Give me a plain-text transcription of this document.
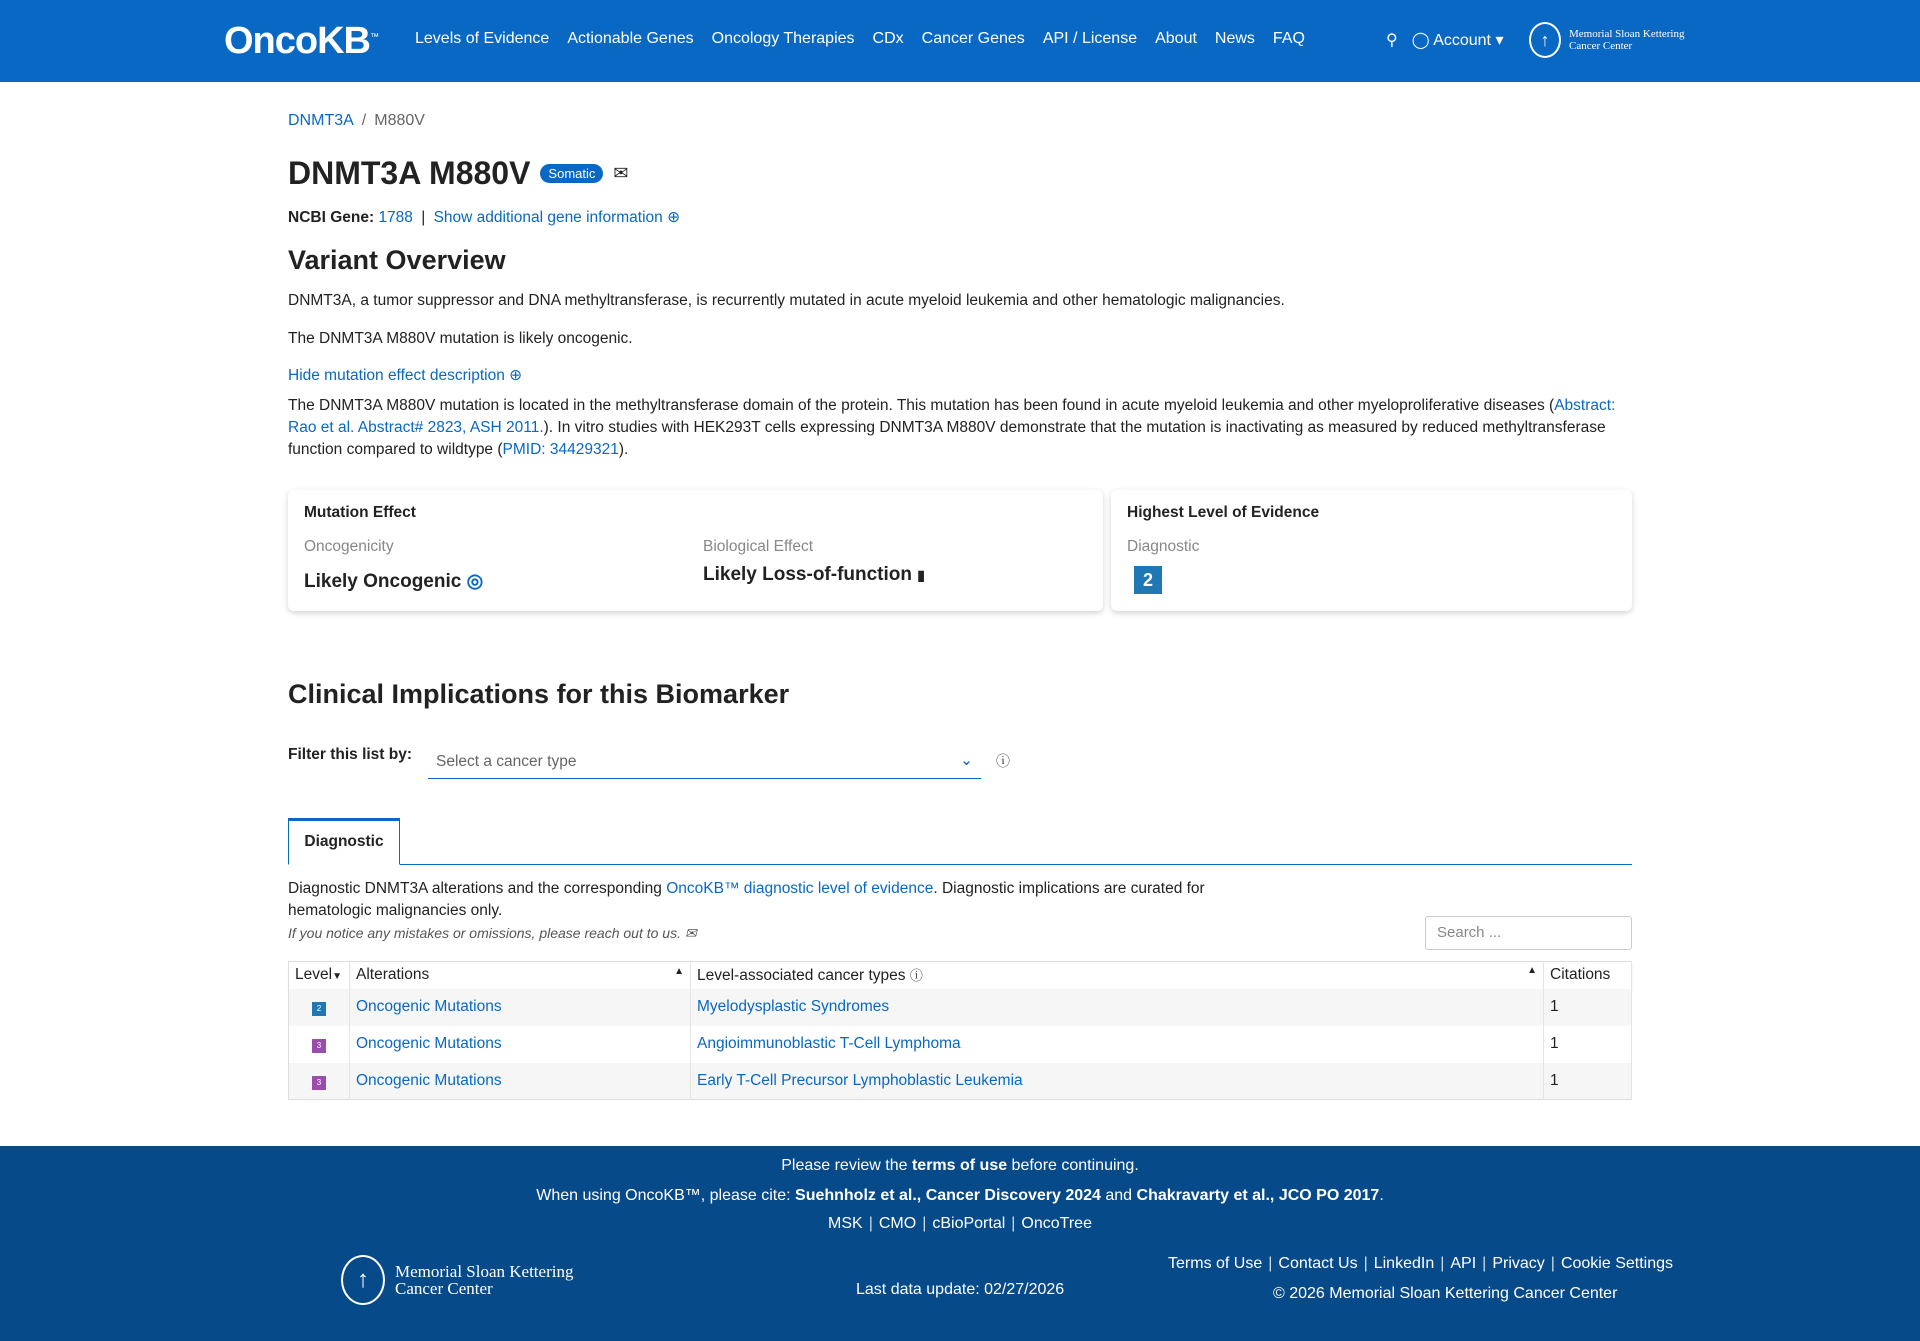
OncoKB™ Levels of Evidence Actionable Genes Oncology Therapies CDx Cancer Genes API / License About News FAQ	⚲ ◯ Account ▾	↑	Memorial Sloan Kettering
Cancer Center
DNMT3A / M880V
DNMT3A M880V	Somatic	✉
NCBI Gene: 1788 | Show additional gene information ⊕
Variant Overview
DNMT3A, a tumor suppressor and DNA methyltransferase, is recurrently mutated in acute myeloid leukemia and other hematologic malignancies.
The DNMT3A M880V mutation is likely oncogenic.
Hide mutation effect description ⊕
The DNMT3A M880V mutation is located in the methyltransferase domain of the protein. This mutation has been found in acute myeloid leukemia and other myeloproliferative diseases (Abstract: Rao et al. Abstract# 2823, ASH 2011.). In vitro studies with HEK293T cells expressing DNMT3A M880V demonstrate that the mutation is inactivating as measured by reduced methyltransferase function compared to wildtype (PMID: 34429321).
Mutation Effect
Oncogenicity
Likely Oncogenic ◎
Biological Effect
Likely Loss-of-function ▮
Highest Level of Evidence
Diagnostic
2
Clinical Implications for this Biomarker
Filter this list by:	Select a cancer type	⌄ ⓘ
Diagnostic
Diagnostic DNMT3A alterations and the corresponding OncoKB™ diagnostic level of evidence. Diagnostic implications are curated for hematologic malignancies only.
If you notice any mistakes or omissions, please reach out to us. ✉	Search ...
Level▼	Alterations ▲	Level-associated cancer types ⓘ ▲	Citations
2	Oncogenic Mutations	Myelodysplastic Syndromes	1
3	Oncogenic Mutations	Angioimmunoblastic T-Cell Lymphoma	1
3	Oncogenic Mutations	Early T-Cell Precursor Lymphoblastic Leukemia	1
Please review the terms of use before continuing.
When using OncoKB™, please cite: Suehnholz et al., Cancer Discovery 2024 and Chakravarty et al., JCO PO 2017.
MSK | CMO | cBioPortal | OncoTree
↑	Memorial Sloan Kettering
Cancer Center	Last data update: 02/27/2026
Terms of Use | Contact Us | LinkedIn | API | Privacy | Cookie Settings
© 2026 Memorial Sloan Kettering Cancer Center
